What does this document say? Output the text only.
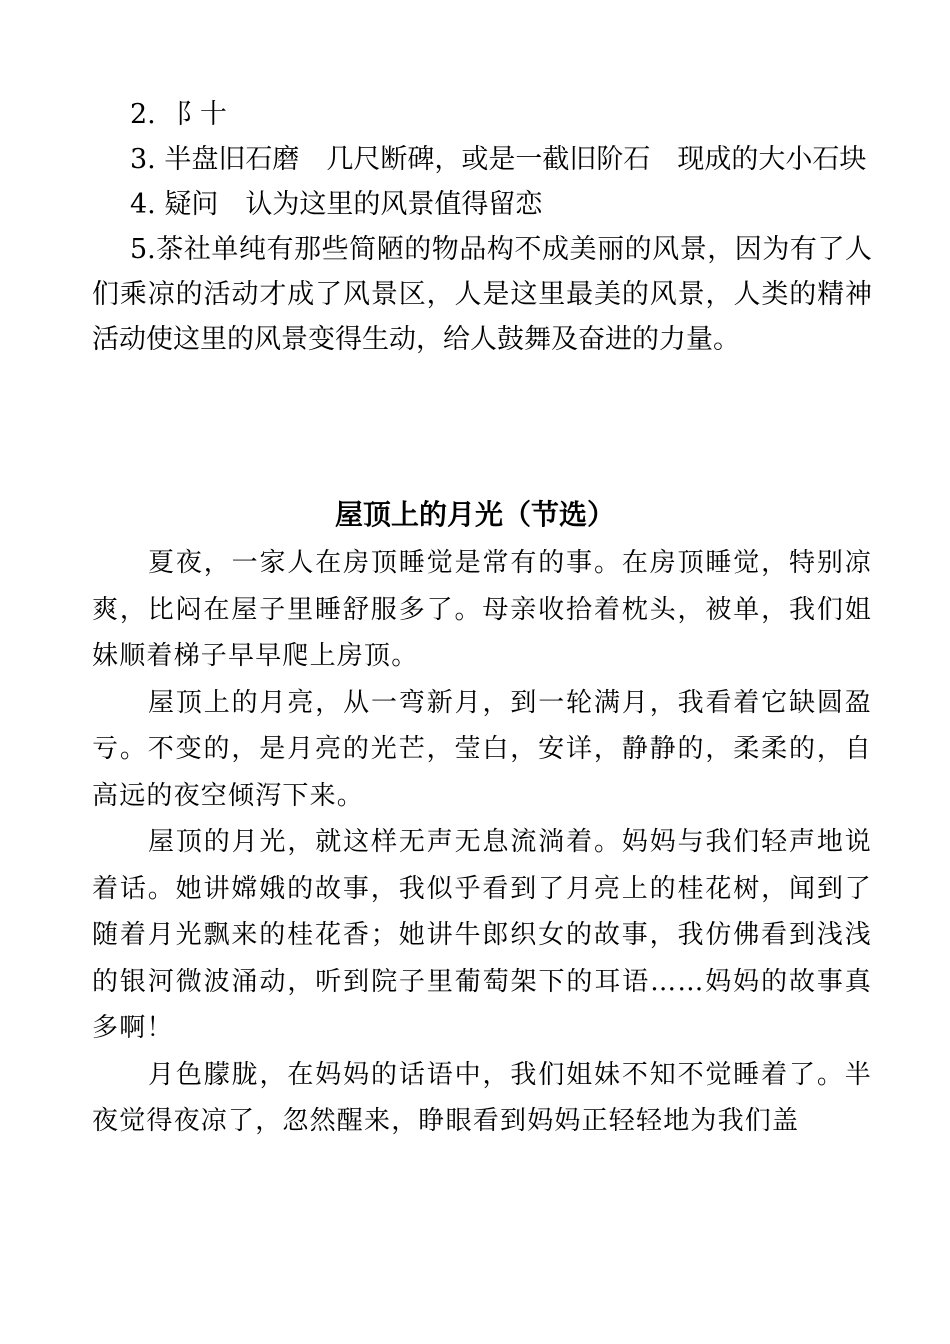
2. ⻏ 十

3. 半盘旧石磨　几尺断碑，或是一截旧阶石　现成的大小石块

4. 疑问　认为这里的风景值得留恋

5.茶社单纯有那些简陋的物品构不成美丽的风景，因为有了人们乘凉的活动才成了风景区，人是这里最美的风景，人类的精神活动使这里的风景变得生动，给人鼓舞及奋进的力量。

屋顶上的月光（节选）

夏夜，一家人在房顶睡觉是常有的事。在房顶睡觉，特别凉爽，比闷在屋子里睡舒服多了。母亲收拾着枕头，被单，我们姐妹顺着梯子早早爬上房顶。

屋顶上的月亮，从一弯新月，到一轮满月，我看着它缺圆盈亏。不变的，是月亮的光芒，莹白，安详，静静的，柔柔的，自高远的夜空倾泻下来。

屋顶的月光，就这样无声无息流淌着。妈妈与我们轻声地说着话。她讲嫦娥的故事，我似乎看到了月亮上的桂花树，闻到了随着月光飘来的桂花香；她讲牛郎织女的故事，我仿佛看到浅浅的银河微波涌动，听到院子里葡萄架下的耳语……妈妈的故事真多啊！

月色朦胧，在妈妈的话语中，我们姐妹不知不觉睡着了。半夜觉得夜凉了，忽然醒来，睁眼看到妈妈正轻轻地为我们盖
